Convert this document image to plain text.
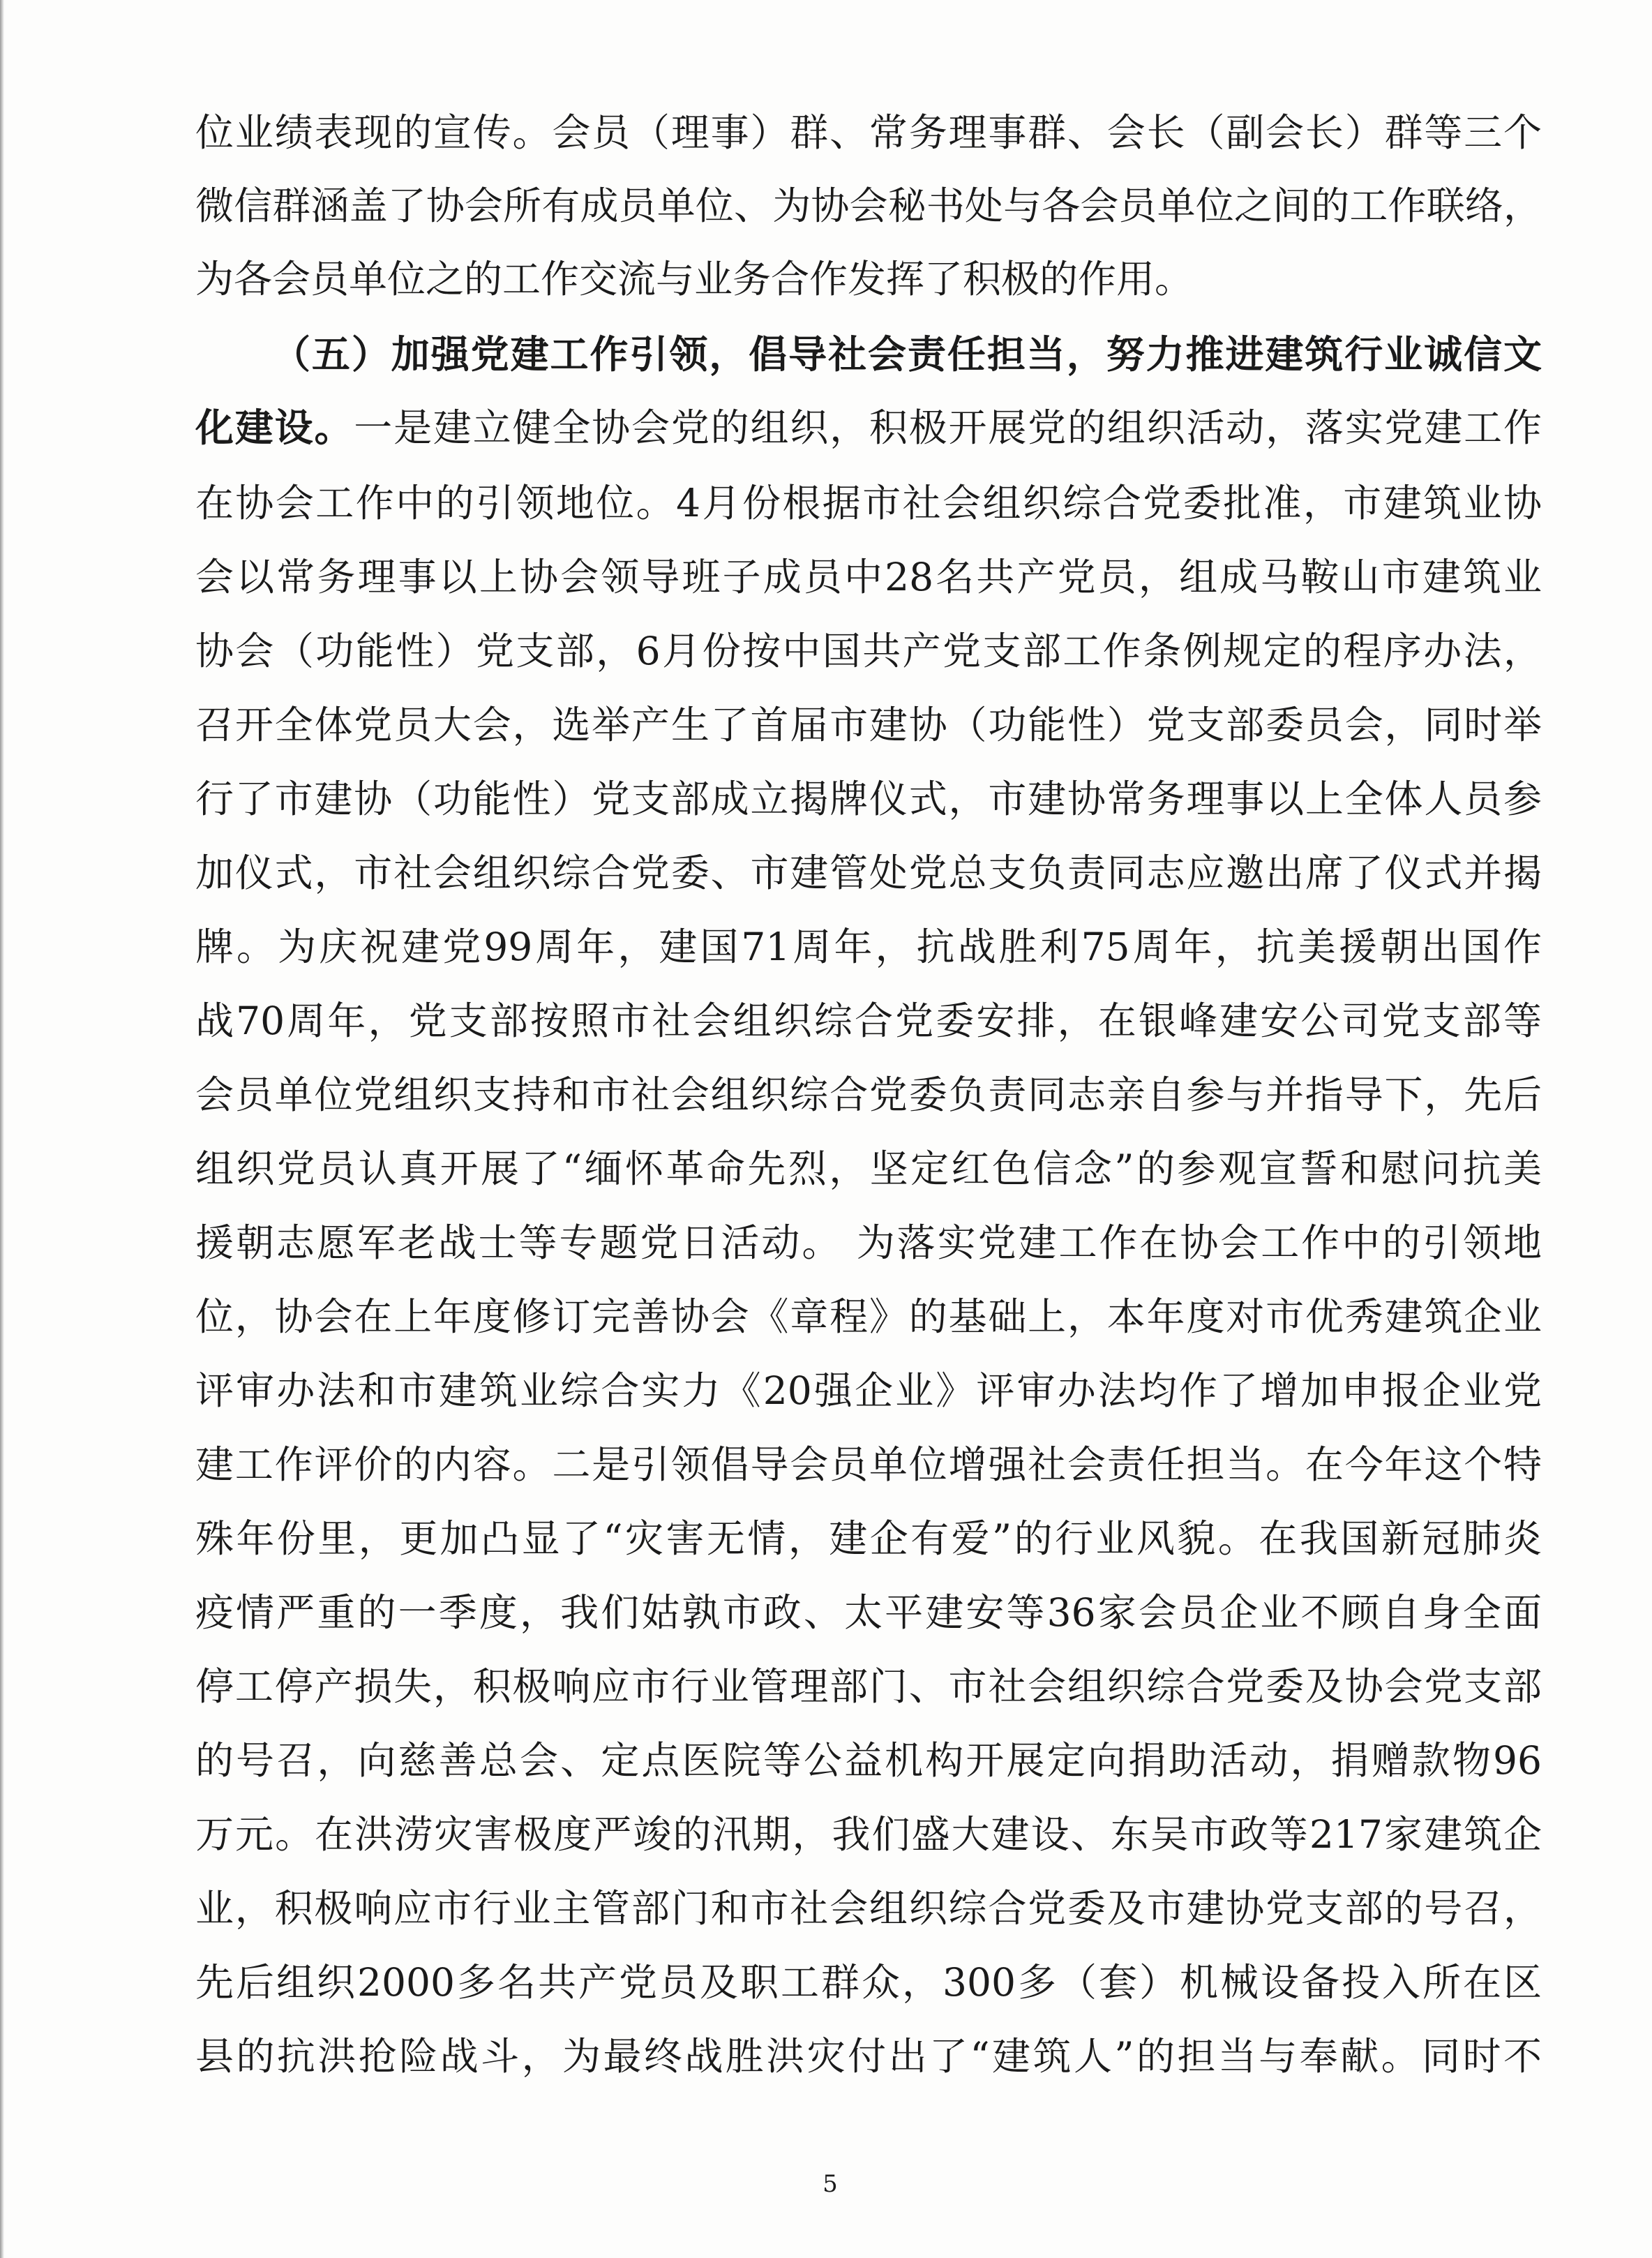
位业绩表现的宣传。会员（理事）群、常务理事群、会长（副会长）群等三个
微信群涵盖了协会所有成员单位、为协会秘书处与各会员单位之间的工作联络，
为各会员单位之的工作交流与业务合作发挥了积极的作用。
（五）加强党建工作引领，倡导社会责任担当，努力推进建筑行业诚信文
化建设。一是建立健全协会党的组织，积极开展党的组织活动，落实党建工作
在协会工作中的引领地位。4月份根据市社会组织综合党委批准，市建筑业协
会以常务理事以上协会领导班子成员中28名共产党员，组成马鞍山市建筑业
协会（功能性）党支部，6月份按中国共产党支部工作条例规定的程序办法，
召开全体党员大会，选举产生了首届市建协（功能性）党支部委员会，同时举
行了市建协（功能性）党支部成立揭牌仪式，市建协常务理事以上全体人员参
加仪式，市社会组织综合党委、市建管处党总支负责同志应邀出席了仪式并揭
牌。为庆祝建党99周年，建国71周年，抗战胜利75周年，抗美援朝出国作
战70周年，党支部按照市社会组织综合党委安排，在银峰建安公司党支部等
会员单位党组织支持和市社会组织综合党委负责同志亲自参与并指导下，先后
组织党员认真开展了“缅怀革命先烈，坚定红色信念”的参观宣誓和慰问抗美
援朝志愿军老战士等专题党日活动。 为落实党建工作在协会工作中的引领地
位，协会在上年度修订完善协会《章程》的基础上，本年度对市优秀建筑企业
评审办法和市建筑业综合实力《20强企业》评审办法均作了增加申报企业党
建工作评价的内容。二是引领倡导会员单位增强社会责任担当。在今年这个特
殊年份里，更加凸显了“灾害无情，建企有爱”的行业风貌。在我国新冠肺炎
疫情严重的一季度，我们姑孰市政、太平建安等36家会员企业不顾自身全面
停工停产损失，积极响应市行业管理部门、市社会组织综合党委及协会党支部
的号召，向慈善总会、定点医院等公益机构开展定向捐助活动，捐赠款物96
万元。在洪涝灾害极度严竣的汛期，我们盛大建设、东吴市政等217家建筑企
业，积极响应市行业主管部门和市社会组织综合党委及市建协党支部的号召，
先后组织2000多名共产党员及职工群众，300多（套）机械设备投入所在区
县的抗洪抢险战斗，为最终战胜洪灾付出了“建筑人”的担当与奉献。同时不
5
